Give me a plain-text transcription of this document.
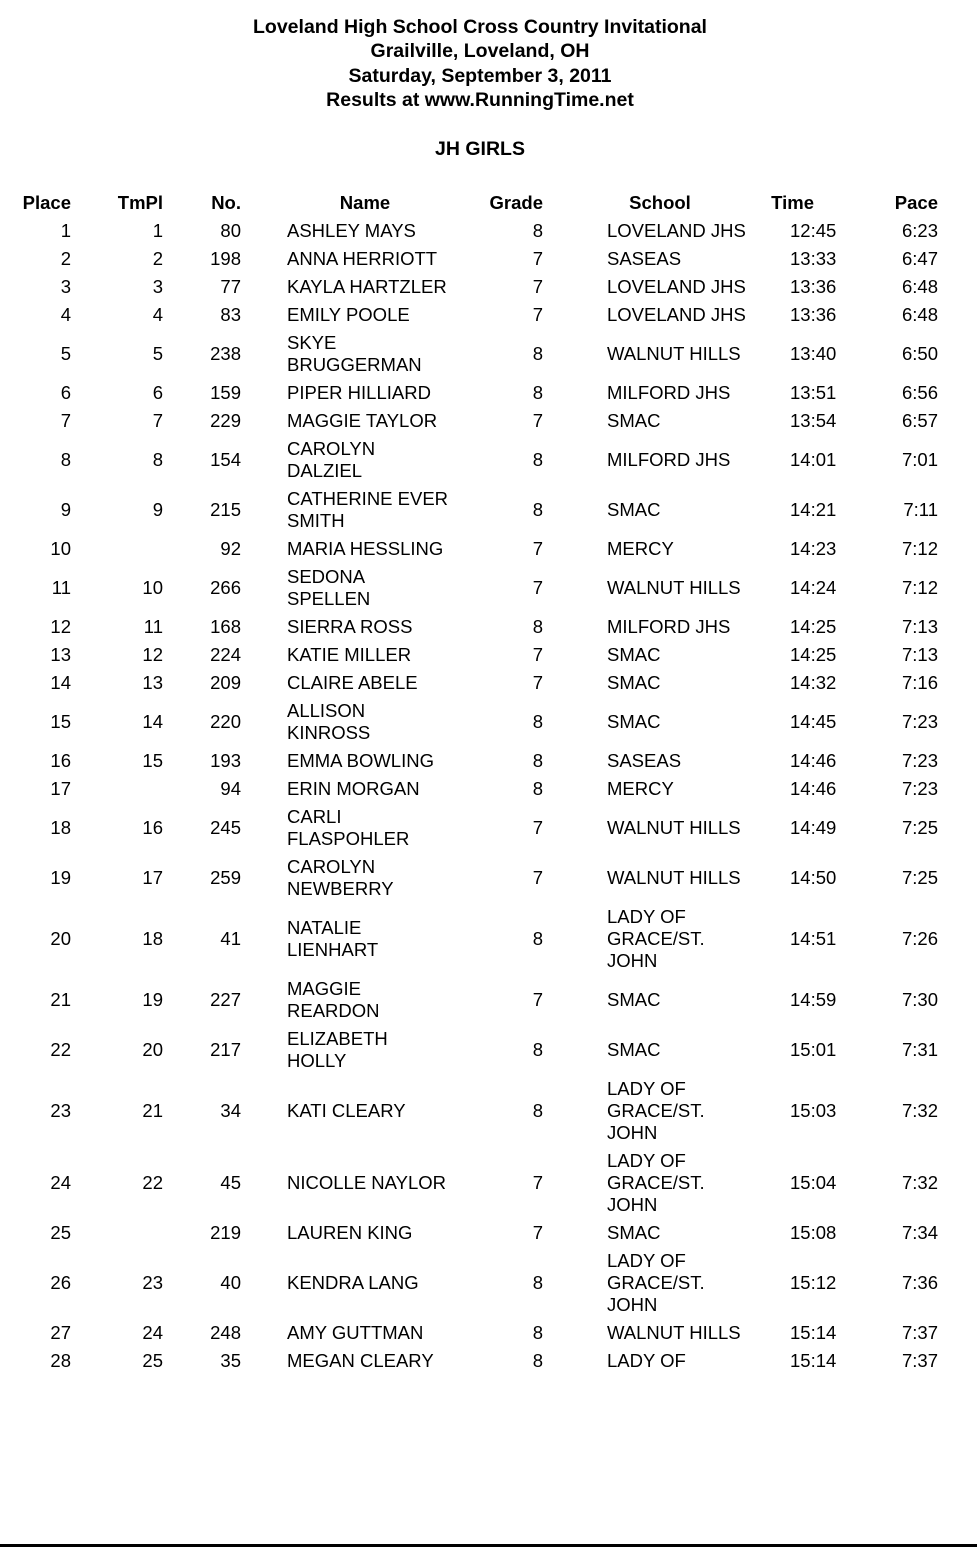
Loveland High School Cross Country Invitational
Grailville, Loveland, OH
Saturday, September 3, 2011
Results at www.RunningTime.net
JH GIRLS
Place	TmPl	No.	Name	Grade	School	Time	Pace
1	1	80	ASHLEY MAYS	8	LOVELAND JHS	12:45	6:23
2	2	198	ANNA HERRIOTT	7	SASEAS	13:33	6:47
3	3	77	KAYLA HARTZLER	7	LOVELAND JHS	13:36	6:48
4	4	83	EMILY POOLE	7	LOVELAND JHS	13:36	6:48
5	5	238	SKYE
BRUGGERMAN	8	WALNUT HILLS	13:40	6:50
6	6	159	PIPER HILLIARD	8	MILFORD JHS	13:51	6:56
7	7	229	MAGGIE TAYLOR	7	SMAC	13:54	6:57
8	8	154	CAROLYN
DALZIEL	8	MILFORD JHS	14:01	7:01
9	9	215	CATHERINE EVER
SMITH	8	SMAC	14:21	7:11
10		92	MARIA HESSLING	7	MERCY	14:23	7:12
11	10	266	SEDONA
SPELLEN	7	WALNUT HILLS	14:24	7:12
12	11	168	SIERRA ROSS	8	MILFORD JHS	14:25	7:13
13	12	224	KATIE MILLER	7	SMAC	14:25	7:13
14	13	209	CLAIRE ABELE	7	SMAC	14:32	7:16
15	14	220	ALLISON
KINROSS	8	SMAC	14:45	7:23
16	15	193	EMMA BOWLING	8	SASEAS	14:46	7:23
17		94	ERIN MORGAN	8	MERCY	14:46	7:23
18	16	245	CARLI
FLASPOHLER	7	WALNUT HILLS	14:49	7:25
19	17	259	CAROLYN
NEWBERRY	7	WALNUT HILLS	14:50	7:25
20	18	41	NATALIE
LIENHART	8	LADY OF
GRACE/ST.
JOHN	14:51	7:26
21	19	227	MAGGIE
REARDON	7	SMAC	14:59	7:30
22	20	217	ELIZABETH
HOLLY	8	SMAC	15:01	7:31
23	21	34	KATI CLEARY	8	LADY OF
GRACE/ST.
JOHN	15:03	7:32
24	22	45	NICOLLE NAYLOR	7	LADY OF
GRACE/ST.
JOHN	15:04	7:32
25		219	LAUREN KING	7	SMAC	15:08	7:34
26	23	40	KENDRA LANG	8	LADY OF
GRACE/ST.
JOHN	15:12	7:36
27	24	248	AMY GUTTMAN	8	WALNUT HILLS	15:14	7:37
28	25	35	MEGAN CLEARY	8	LADY OF	15:14	7:37
